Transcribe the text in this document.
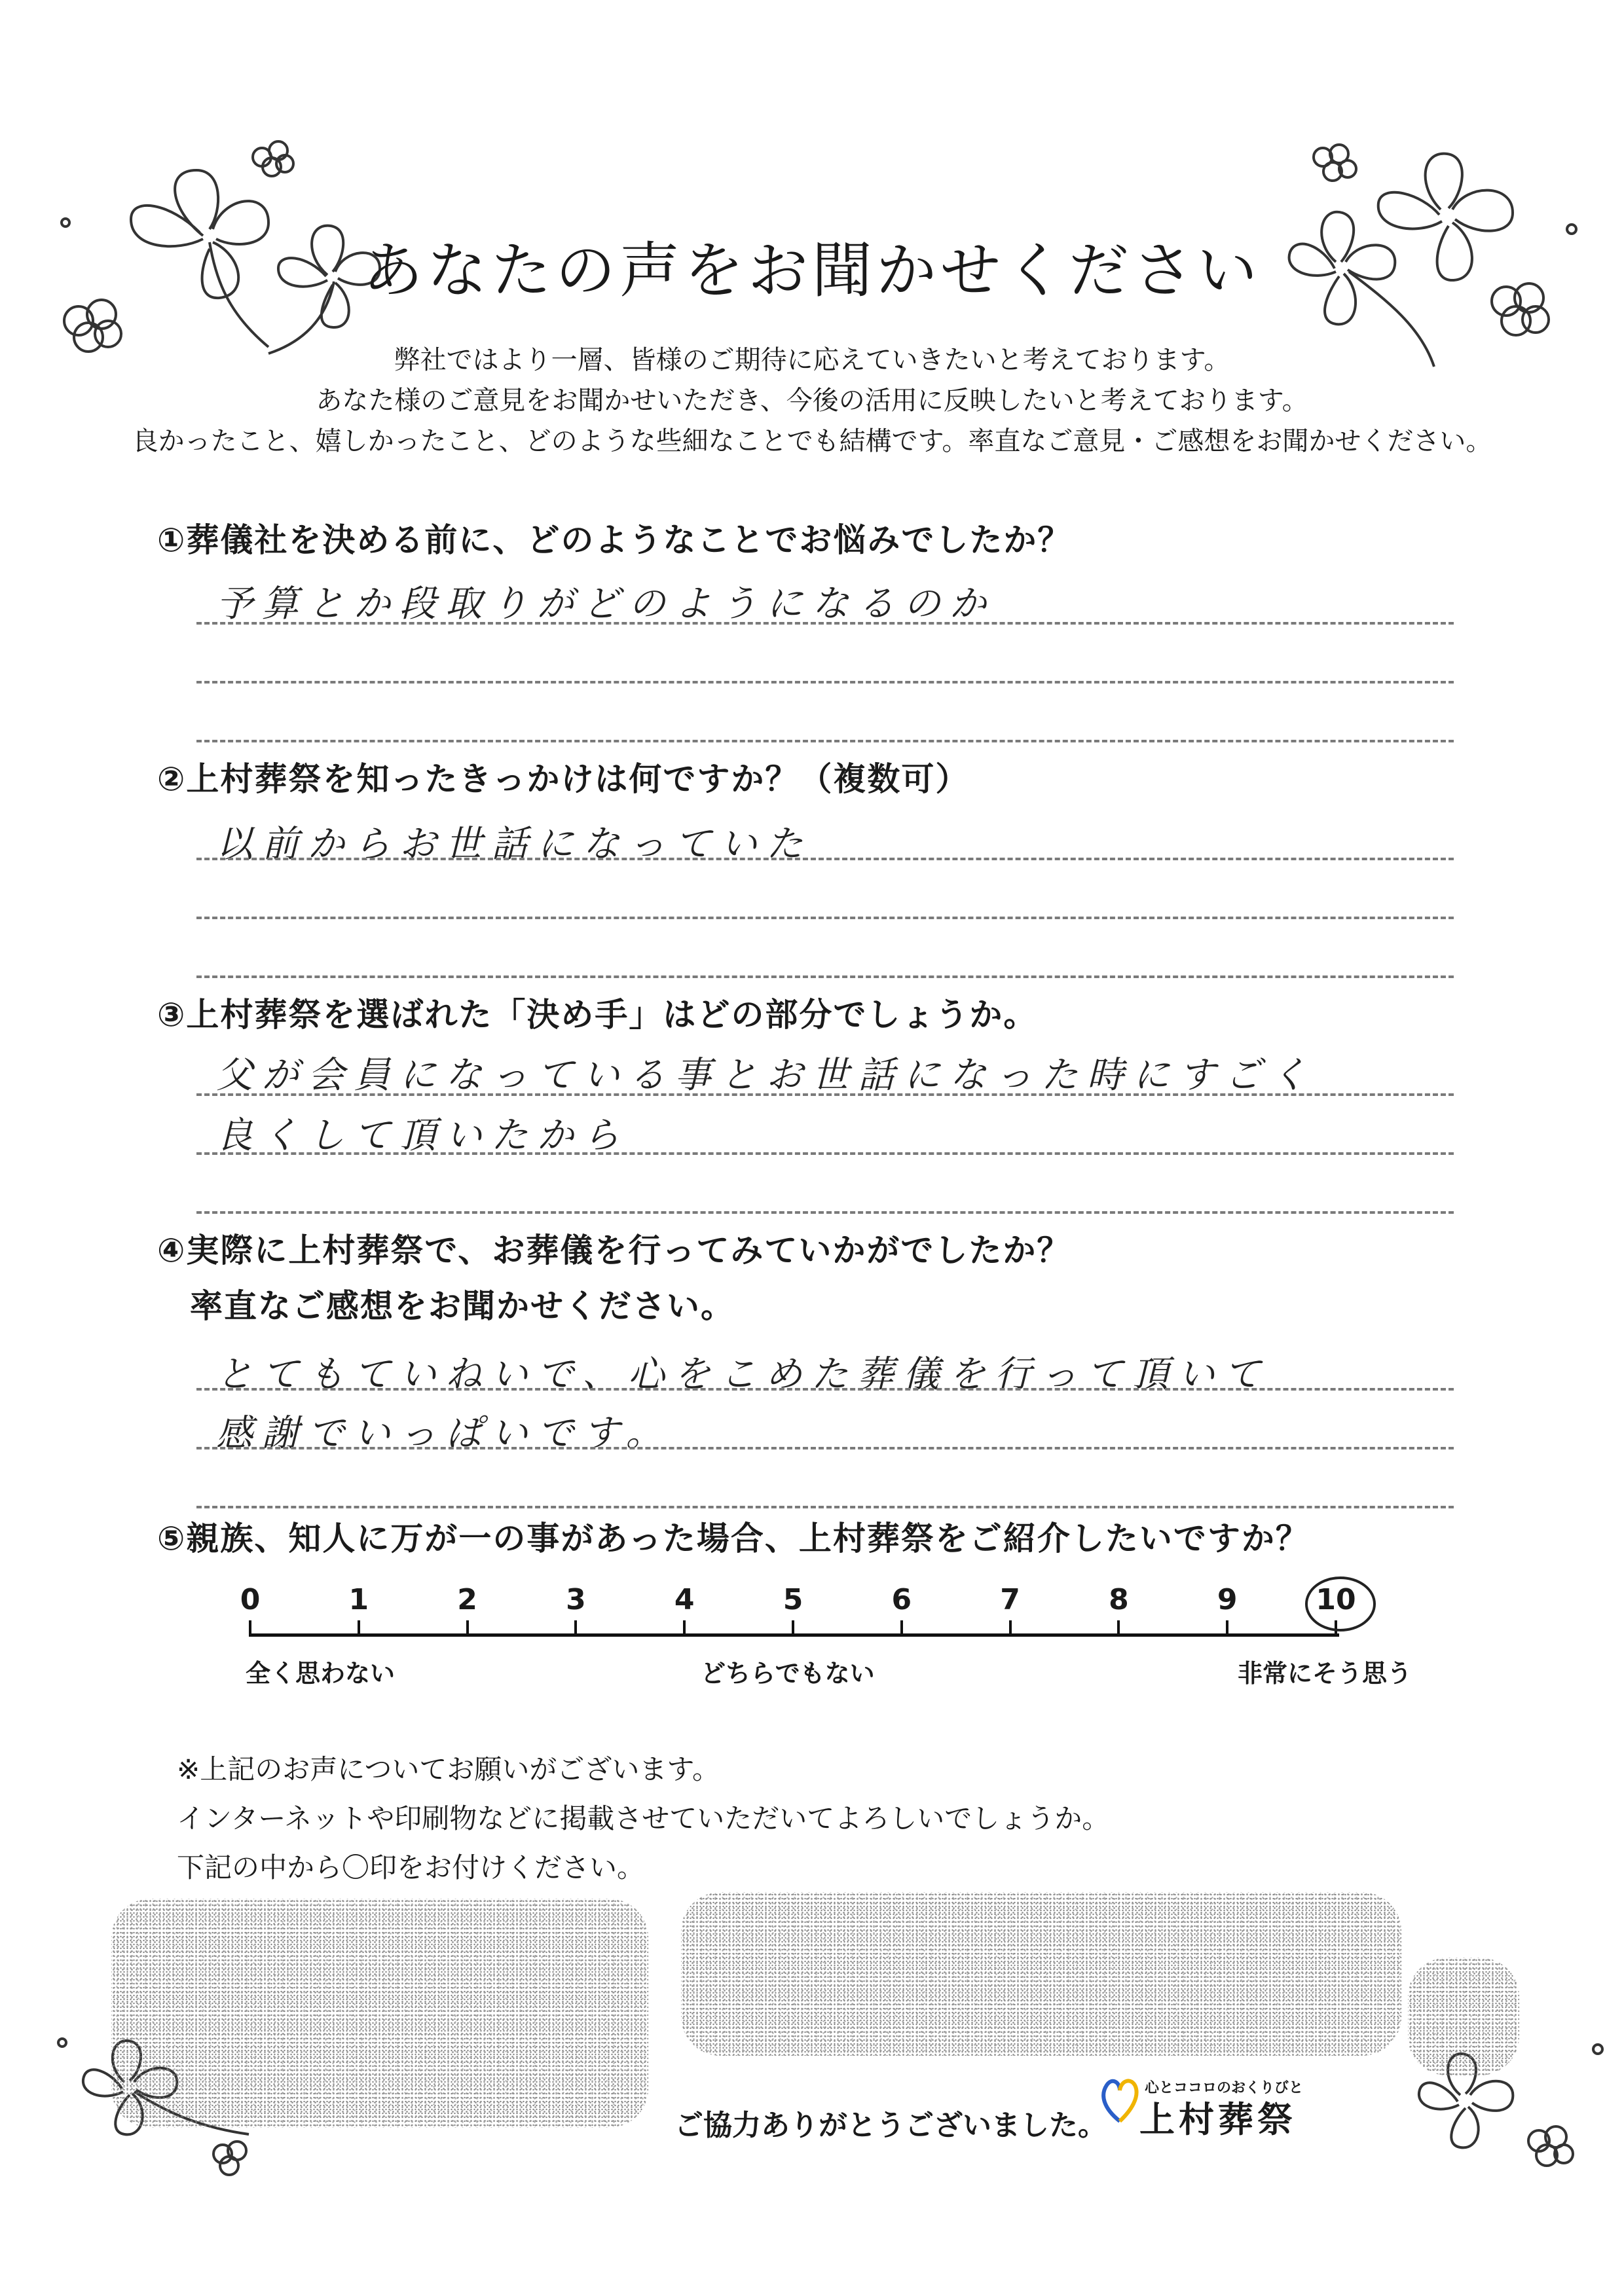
あなたの声をお聞かせください
弊社ではより一層、皆様のご期待に応えていきたいと考えております。
あなた様のご意見をお聞かせいただき、今後の活用に反映したいと考えております。
良かったこと、嬉しかったこと、どのような些細なことでも結構です。率直なご意見・ご感想をお聞かせください。
①葬儀社を決める前に、どのようなことでお悩みでしたか？
予算とか段取りがどのようになるのか
②上村葬祭を知ったきっかけは何ですか？（複数可）
以前からお世話になっていた
③上村葬祭を選ばれた「決め手」はどの部分でしょうか。
父が会員になっている事とお世話になった時にすごく
良くして頂いたから
④実際に上村葬祭で、お葬儀を行ってみていかがでしたか？
率直なご感想をお聞かせください。
とてもていねいで、心をこめた葬儀を行って頂いて
感謝でいっぱいです。
⑤親族、知人に万が一の事があった場合、上村葬祭をご紹介したいですか？
0	1	2	3	4	5	6	7	8	9	10
全く思わない	どちらでもない	非常にそう思う
※上記のお声についてお願いがございます。
インターネットや印刷物などに掲載させていただいてよろしいでしょうか。
下記の中から〇印をお付けください。
ご協力ありがとうございました。
心とココロのおくりびと
上村葬祭
